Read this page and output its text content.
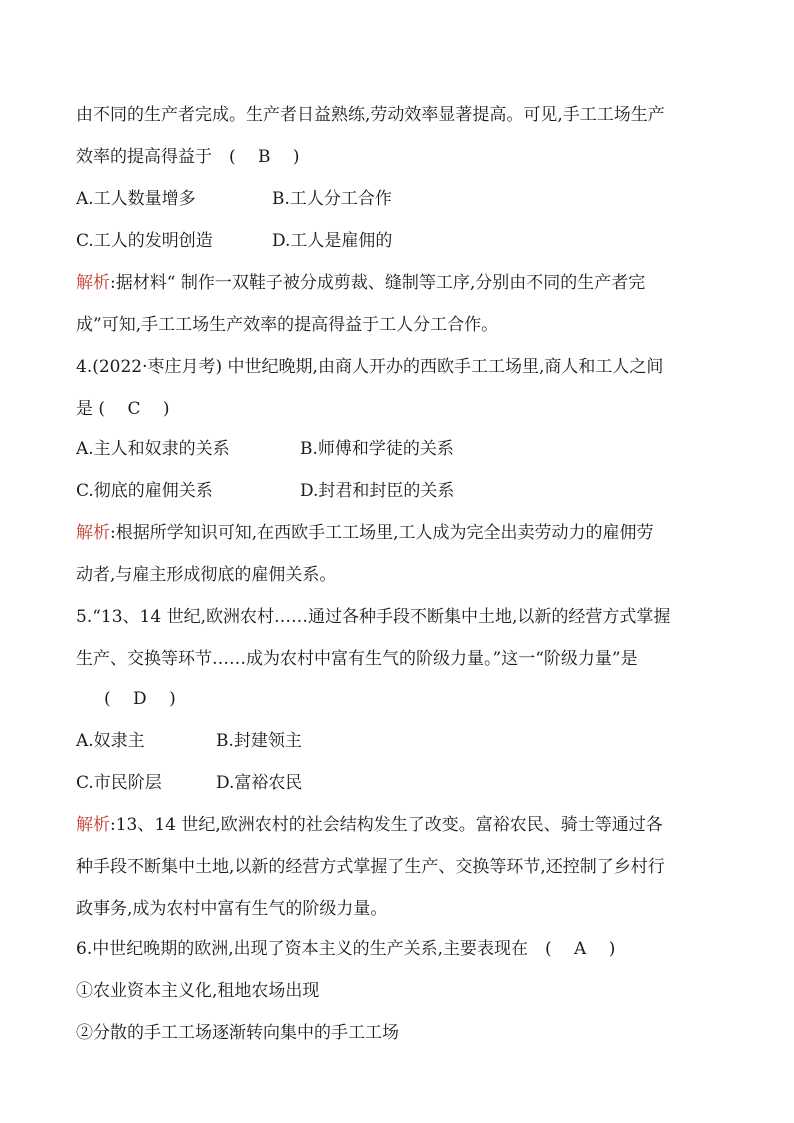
由不同的生产者完成。生产者日益熟练,劳动效率显著提高。可见,手工工场生产
效率的提高得益于　( 　B　 )
A.工人数量增多	B.工人分工合作
C.工人的发明创造	D.工人是雇佣的
解析:据材料“ 制作一双鞋子被分成剪裁、缝制等工序,分别由不同的生产者完
成”可知,手工工场生产效率的提高得益于工人分工合作。
4.(2022·枣庄月考) 中世纪晚期,由商人开办的西欧手工工场里,商人和工人之间
是 ( 　C　 )
A.主人和奴隶的关系	B.师傅和学徒的关系
C.彻底的雇佣关系	D.封君和封臣的关系
解析:根据所学知识可知,在西欧手工工场里,工人成为完全出卖劳动力的雇佣劳
动者,与雇主形成彻底的雇佣关系。
5.“13、14 世纪,欧洲农村……通过各种手段不断集中土地,以新的经营方式掌握
生产、交换等环节……成为农村中富有生气的阶级力量。”这一“阶级力量”是
( 　D　 )
A.奴隶主	B.封建领主
C.市民阶层	D.富裕农民
解析:13、14 世纪,欧洲农村的社会结构发生了改变。富裕农民、骑士等通过各
种手段不断集中土地,以新的经营方式掌握了生产、交换等环节,还控制了乡村行
政事务,成为农村中富有生气的阶级力量。
6.中世纪晚期的欧洲,出现了资本主义的生产关系,主要表现在　( 　A　 )
①农业资本主义化,租地农场出现
②分散的手工工场逐渐转向集中的手工工场
